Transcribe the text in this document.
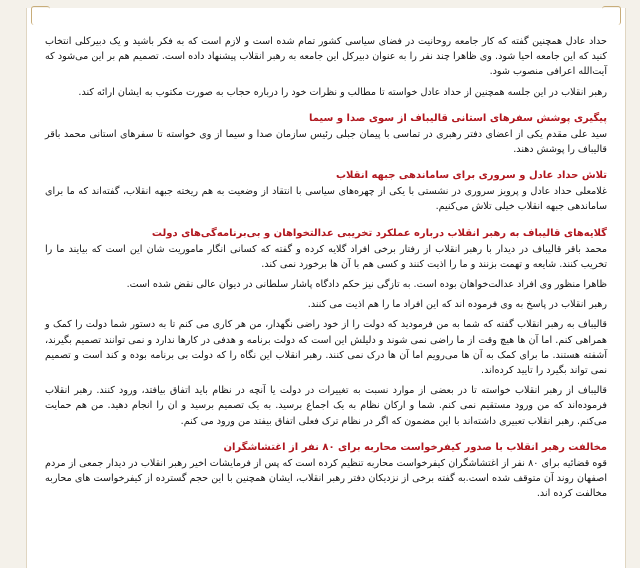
حداد عادل همچنین گفته که کار جامعه روحانیت در فضای سیاسی کشور تمام شده است و لازم است که به فکر باشید و یک دبیرکلی انتخاب کنید که این جامعه احیا شود. وی ظاهرا چند نفر را به عنوان دبیرکل این جامعه به رهبر انقلاب پیشنهاد داده است. تصمیم هم بر این می‌شود که آیت‌الله اعرافی منصوب شود.

رهبر انقلاب در این جلسه همچنین از حداد عادل خواسته تا مطالب و نظرات خود را درباره حجاب به صورت مکتوب به ایشان ارائه کند.

پیگیری پوشش سفرهای استانی قالیباف از سوی صدا و سیما

سید علی مقدم یکی از اعضای دفتر رهبری در تماسی با پیمان جبلی رئیس سازمان صدا و سیما از وی خواسته تا سفرهای استانی محمد باقر قالیباف را پوشش دهند.

تلاش حداد عادل و سروری برای ساماندهی جبهه انقلاب

غلامعلی حداد عادل و پرویز سروری در نشستی با یکی از چهره‌های سیاسی با انتقاد از وضعیت به هم ریخته جبهه انقلاب، گفته‌اند که ما برای ساماندهی جبهه انقلاب خیلی تلاش می‌کنیم.

گلایه‌های قالیباف به رهبر انقلاب درباره عملکرد تخریبی عدالتخواهان و بی‌برنامه‌گی‌های دولت

محمد باقر قالیباف در دیدار با رهبر انقلاب از رفتار برخی افراد گلایه کرده و گفته که کسانی انگار ماموریت شان این است که بیایند ما را تخریب کنند. شایعه و تهمت بزنند و ما را اذیت کنند و کسی هم با آن ها برخورد نمی کند.

ظاهرا منظور وی افراد عدالت‌خواهان بوده است. به تازگی نیز حکم دادگاه پاشار سلطانی در دیوان عالی نقض شده است.

رهبر انقلاب در پاسخ به وی فرموده اند که این افراد ما را هم اذیت می کنند.

قالیباف به رهبر انقلاب گفته که شما به من فرمودید که دولت را از خود راضی نگهدار، من هر کاری می کنم تا به دستور شما دولت را کمک و همراهی کنم. اما آن ها هیچ وقت از ما راضی نمی شوند و دلیلش این است که دولت برنامه و هدفی در کارها ندارد و نمی توانند تصمیم بگیرند، آشفته هستند. ما برای کمک به آن ها می‌رویم اما آن ها درک نمی کنند. رهبر انقلاب این نگاه را که دولت بی برنامه بوده و کند است و تصمیم نمی تواند بگیرد را تایید کرده‌اند.

قالیباف از رهبر انقلاب خواسته تا در بعضی از موارد نسبت به تغییرات در دولت یا آنچه در نظام باید اتفاق بیافتد، ورود کنند. رهبر انقلاب فرموده‌اند که من ورود مستقیم نمی کنم. شما و ارکان نظام به یک اجماع برسید. به یک تصمیم برسید و ان را انجام دهید. من هم حمایت می‌کنم. رهبر انقلاب تعبیری داشته‌اند با این مضمون که اگر در نظام ترک فعلی اتفاق بیفتد من ورود می کنم.

مخالفت رهبر انقلاب با صدور کیفرخواست محاربه برای ۸۰ نفر از اغتشاشگران

قوه قضائیه برای ۸۰ نفر از اغتشاشگران کیفرخواست محاربه تنظیم کرده است که پس از فرمایشات اخیر رهبر انقلاب در دیدار جمعی از مردم اصفهان روند آن متوقف شده است.به گفته برخی از نزدیکان دفتر رهبر انقلاب، ایشان همچنین با این حجم گسترده از کیفرخواست های محاربه مخالفت کرده اند.
